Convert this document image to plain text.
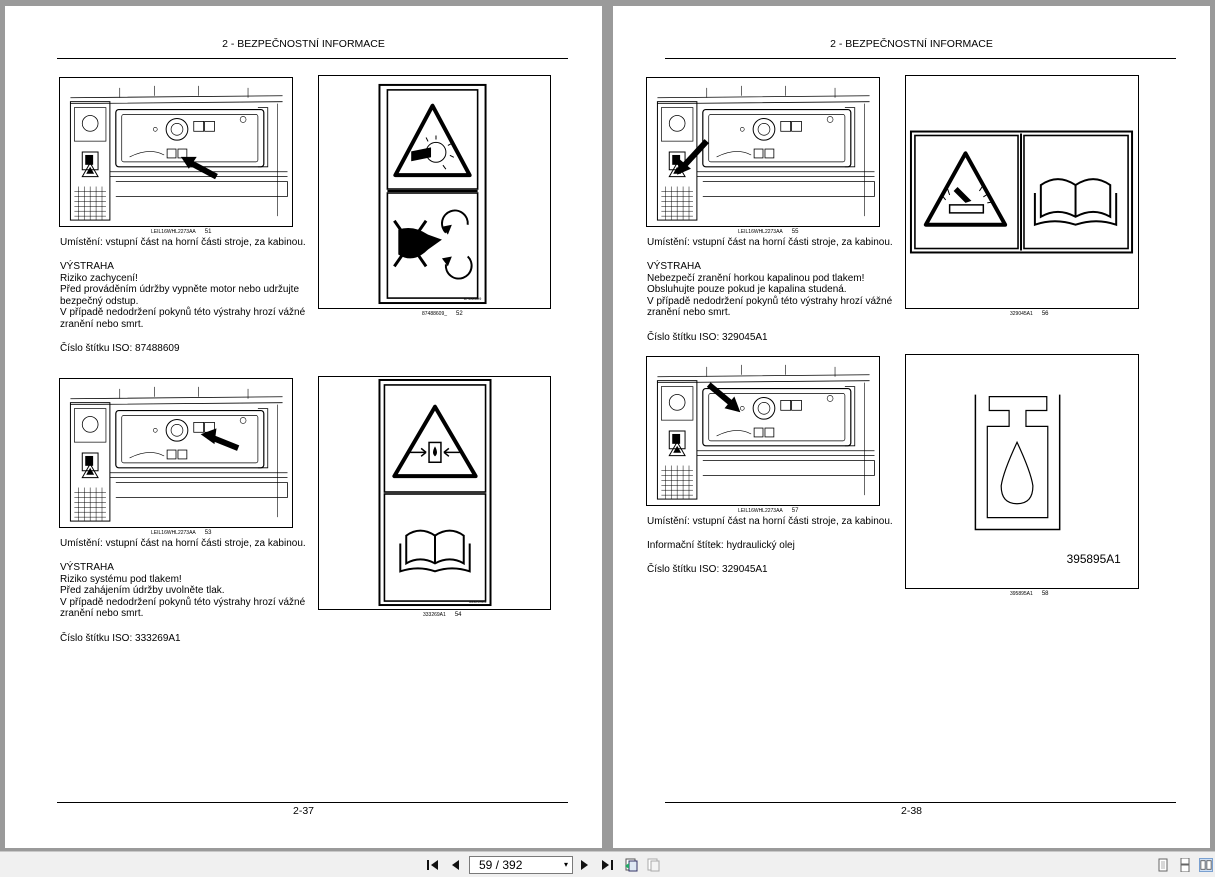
2 - BEZPEČNOSTNÍ INFORMACE
LEIL16WHL2273AA 51
87488609
87488609_ 52

Umístění: vstupní část na horní části stroje, za kabinou.

VÝSTRAHA

Riziko zachycení!

Před prováděním údržby vypněte motor nebo udržujte bezpečný odstup.

V případě nedodržení pokynů této výstrahy hrozí vážné zranění nebo smrt.

Číslo štítku ISO: 87488609

LEIL16WHL2273AA 53
333269A1
333269A1 54

Umístění: vstupní část na horní části stroje, za kabinou.

VÝSTRAHA

Riziko systému pod tlakem!

Před zahájením údržby uvolněte tlak.

V případě nedodržení pokynů této výstrahy hrozí vážné zranění nebo smrt.

Číslo štítku ISO: 333269A1

2-37
2 - BEZPEČNOSTNÍ INFORMACE
LEIL16WHL2273AA 55
329045A1 56

Umístění: vstupní část na horní části stroje, za kabinou.

VÝSTRAHA

Nebezpečí zranění horkou kapalinou pod tlakem!

Obsluhujte pouze pokud je kapalina studená.

V případě nedodržení pokynů této výstrahy hrozí vážné zranění nebo smrt.

Číslo štítku ISO: 329045A1

LEIL16WHL2273AA 57
395895A1
395895A1 58

Umístění: vstupní část na horní části stroje, za kabinou.

Informační štítek: hydraulický olej

Číslo štítku ISO: 329045A1

2-38
59 / 392	▾
